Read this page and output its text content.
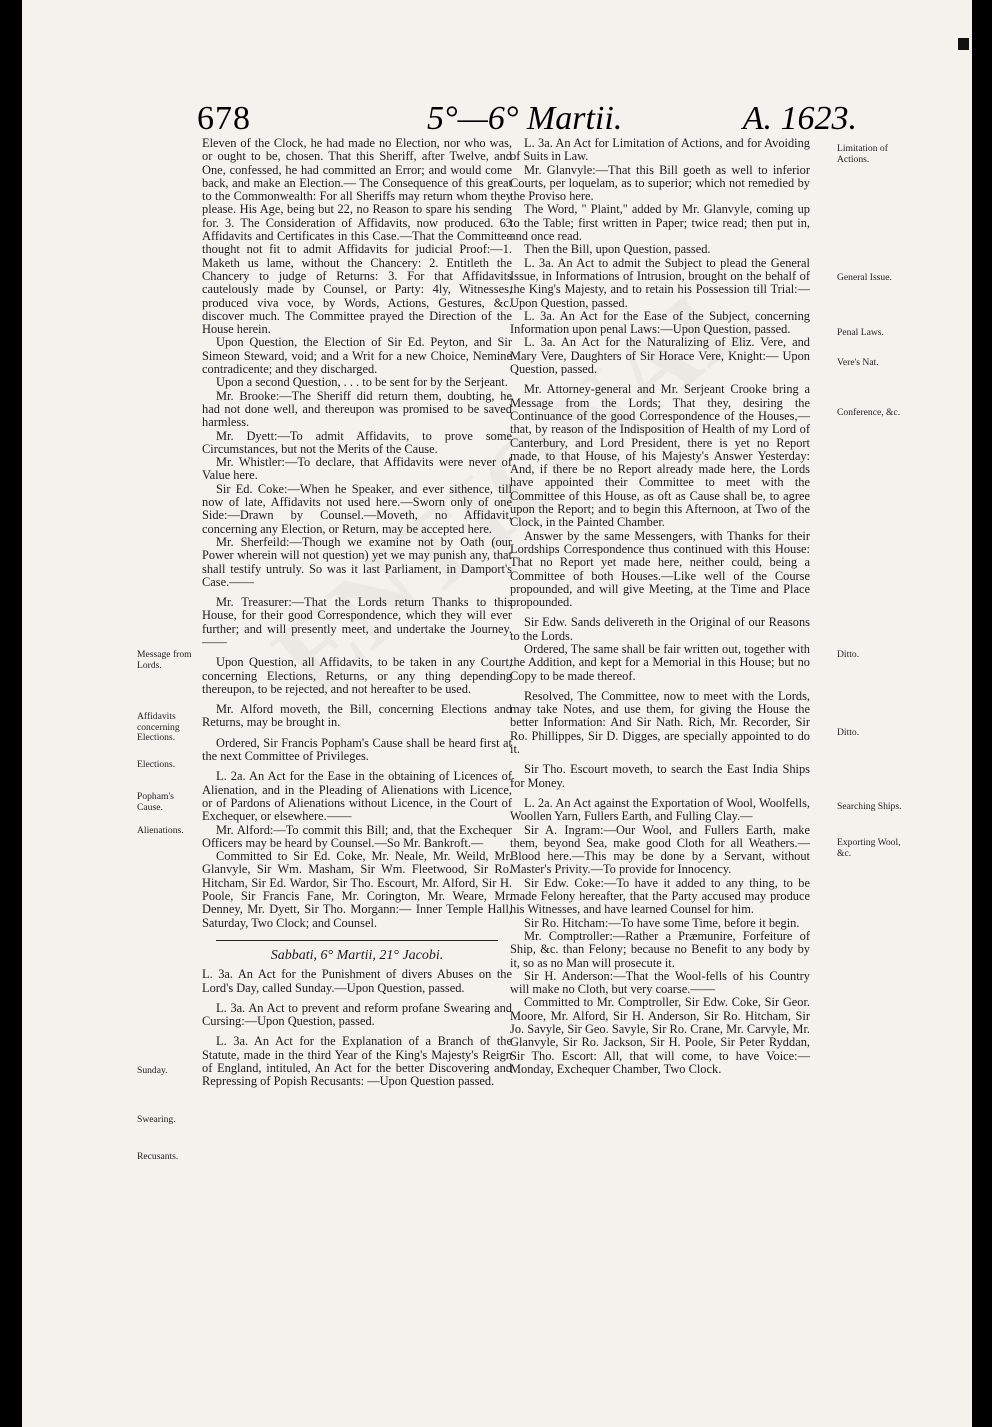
678	5°—6° Martii.	A. 1623.

Eleven of the Clock, he had made no Election, nor who was, or ought to be, chosen. That this Sheriff, after Twelve, and One, confessed, he had committed an Error; and would come back, and make an Election.— The Consequence of this great to the Commonwealth: For all Sheriffs may return whom they please. His Age, being but 22, no Reason to spare his sending for. 3. The Consideration of Affidavits, now produced. 63 Affidavits and Certificates in this Case.—That the Committee thought not fit to admit Affidavits for judicial Proof:—1. Maketh us lame, without the Chancery: 2. Entitleth the Chancery to judge of Returns: 3. For that Affidavits cautelously made by Counsel, or Party: 4ly, Witnesses, produced viva voce, by Words, Actions, Gestures, &c. discover much. The Committee prayed the Direction of the House herein.

Upon Question, the Election of Sir Ed. Peyton, and Sir Simeon Steward, void; and a Writ for a new Choice, Nemine contradicente; and they discharged.

Upon a second Question, . . . to be sent for by the Serjeant.

Mr. Brooke:—The Sheriff did return them, doubting, he had not done well, and thereupon was promised to be saved harmless.

Mr. Dyett:—To admit Affidavits, to prove some Circumstances, but not the Merits of the Cause.

Mr. Whistler:—To declare, that Affidavits were never of Value here.

Sir Ed. Coke:—When he Speaker, and ever sithence, till now of late, Affidavits not used here.—Sworn only of one Side:—Drawn by Counsel.—Moveth, no Affidavit, concerning any Election, or Return, may be accepted here.

Mr. Sherfeild:—Though we examine not by Oath (our Power wherein will not question) yet we may punish any, that shall testify untruly. So was it last Parliament, in Damport's Case.——

Mr. Treasurer:—That the Lords return Thanks to this House, for their good Correspondence, which they will ever further; and will presently meet, and undertake the Journey.——

Upon Question, all Affidavits, to be taken in any Court, concerning Elections, Returns, or any thing depending thereupon, to be rejected, and not hereafter to be used.

Mr. Alford moveth, the Bill, concerning Elections and Returns, may be brought in.

Ordered, Sir Francis Popham's Cause shall be heard first at the next Committee of Privileges.

L. 2a. An Act for the Ease in the obtaining of Licences of Alienation, and in the Pleading of Alienations with Licence, or of Pardons of Alienations without Licence, in the Court of Exchequer, or elsewhere.——

Mr. Alford:—To commit this Bill; and, that the Exchequer Officers may be heard by Counsel.—So Mr. Bankroft.—

Committed to Sir Ed. Coke, Mr. Neale, Mr. Weild, Mr. Glanvyle, Sir Wm. Masham, Sir Wm. Fleetwood, Sir Ro. Hitcham, Sir Ed. Wardor, Sir Tho. Escourt, Mr. Alford, Sir H. Poole, Sir Francis Fane, Mr. Corington, Mr. Weare, Mr. Denney, Mr. Dyett, Sir Tho. Morgann:— Inner Temple Hall, Saturday, Two Clock; and Counsel.

Sabbati, 6° Martii, 21° Jacobi.

L. 3a. An Act for the Punishment of divers Abuses on the Lord's Day, called Sunday.—Upon Question, passed.

L. 3a. An Act to prevent and reform profane Swearing and Cursing:—Upon Question, passed.

L. 3a. An Act for the Explanation of a Branch of the Statute, made in the third Year of the King's Majesty's Reign of England, intituled, An Act for the better Discovering and Repressing of Popish Recusants: —Upon Question passed.

L. 3a. An Act for Limitation of Actions, and for Avoiding of Suits in Law.

Mr. Glanvyle:—That this Bill goeth as well to inferior Courts, per loquelam, as to superior; which not remedied by the Proviso here.

The Word, " Plaint," added by Mr. Glanvyle, coming up to the Table; first written in Paper; twice read; then put in, and once read.

Then the Bill, upon Question, passed.

L. 3a. An Act to admit the Subject to plead the General Issue, in Informations of Intrusion, brought on the behalf of the King's Majesty, and to retain his Possession till Trial:—Upon Question, passed.

L. 3a. An Act for the Ease of the Subject, concerning Information upon penal Laws:—Upon Question, passed.

L. 3a. An Act for the Naturalizing of Eliz. Vere, and Mary Vere, Daughters of Sir Horace Vere, Knight:— Upon Question, passed.

Mr. Attorney-general and Mr. Serjeant Crooke bring a Message from the Lords; That they, desiring the Continuance of the good Correspondence of the Houses,— that, by reason of the Indisposition of Health of my Lord of Canterbury, and Lord President, there is yet no Report made, to that House, of his Majesty's Answer Yesterday: And, if there be no Report already made here, the Lords have appointed their Committee to meet with the Committee of this House, as oft as Cause shall be, to agree upon the Report; and to begin this Afternoon, at Two of the Clock, in the Painted Chamber.

Answer by the same Messengers, with Thanks for their Lordships Correspondence thus continued with this House: That no Report yet made here, neither could, being a Committee of both Houses.—Like well of the Course propounded, and will give Meeting, at the Time and Place propounded.

Sir Edw. Sands delivereth in the Original of our Reasons to the Lords.

Ordered, The same shall be fair written out, together with the Addition, and kept for a Memorial in this House; but no Copy to be made thereof.

Resolved, The Committee, now to meet with the Lords, may take Notes, and use them, for giving the House the better Information: And Sir Nath. Rich, Mr. Recorder, Sir Ro. Phillippes, Sir D. Digges, are specially appointed to do it.

Sir Tho. Escourt moveth, to search the East India Ships for Money.

L. 2a. An Act against the Exportation of Wool, Woolfells, Woollen Yarn, Fullers Earth, and Fulling Clay.—

Sir A. Ingram:—Our Wool, and Fullers Earth, make them, beyond Sea, make good Cloth for all Weathers.— Blood here.—This may be done by a Servant, without Master's Privity.—To provide for Innocency.

Sir Edw. Coke:—To have it added to any thing, to be made Felony hereafter, that the Party accused may produce his Witnesses, and have learned Counsel for him.

Sir Ro. Hitcham:—To have some Time, before it begin.

Mr. Comptroller:—Rather a Præmunire, Forfeiture of Ship, &c. than Felony; because no Benefit to any body by it, so as no Man will prosecute it.

Sir H. Anderson:—That the Wool-fells of his Country will make no Cloth, but very coarse.——

Committed to Mr. Comptroller, Sir Edw. Coke, Sir Geor. Moore, Mr. Alford, Sir H. Anderson, Sir Ro. Hitcham, Sir Jo. Savyle, Sir Geo. Savyle, Sir Ro. Crane, Mr. Carvyle, Mr. Glanvyle, Sir Ro. Jackson, Sir H. Poole, Sir Peter Ryddan, Sir Tho. Escort: All, that will come, to have Voice:—Monday, Exchequer Chamber, Two Clock.

Message from Lords.
Affidavits concerning Elections.
Elections.
Popham's Cause.
Alienations.
Sunday.
Swearing.
Recusants.
Limitation of Actions.
General Issue.
Penal Laws.
Vere's Nat.
Conference, &c.
Ditto.
Ditto.
Searching Ships.
Exporting Wool, &c.
